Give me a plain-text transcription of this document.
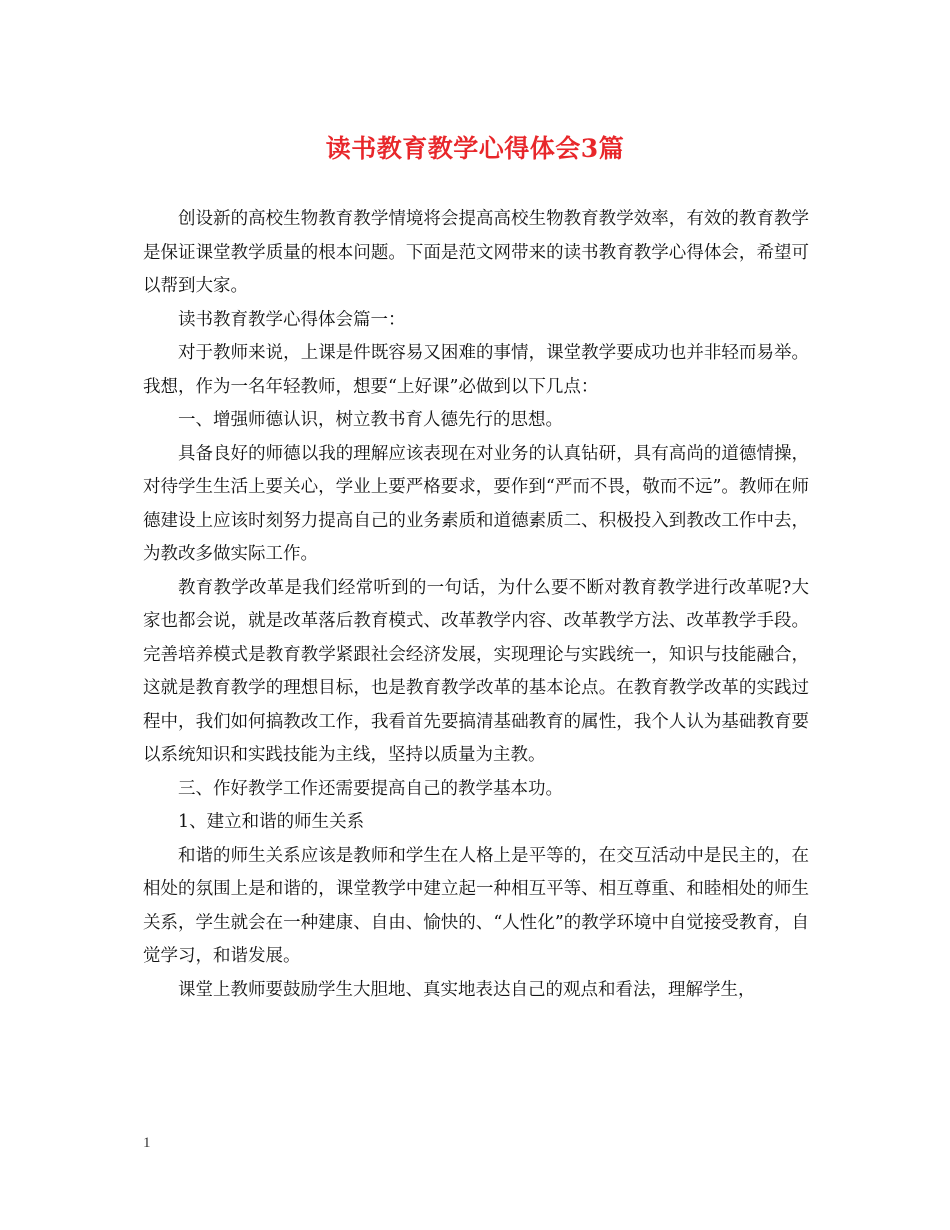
读书教育教学心得体会3篇

创设新的高校生物教育教学情境将会提高高校生物教育教学效率，有效的教育教学是保证课堂教学质量的根本问题。下面是范文网带来的读书教育教学心得体会，希望可以帮到大家。

读书教育教学心得体会篇一：

对于教师来说，上课是件既容易又困难的事情，课堂教学要成功也并非轻而易举。我想，作为一名年轻教师，想要“上好课”必做到以下几点：

一、增强师德认识，树立教书育人德先行的思想。

具备良好的师德以我的理解应该表现在对业务的认真钻研，具有高尚的道德情操，对待学生生活上要关心，学业上要严格要求，要作到“严而不畏，敬而不远”。教师在师德建设上应该时刻努力提高自己的业务素质和道德素质二、积极投入到教改工作中去，为教改多做实际工作。

教育教学改革是我们经常听到的一句话，为什么要不断对教育教学进行改革呢?大家也都会说，就是改革落后教育模式、改革教学内容、改革教学方法、改革教学手段。完善培养模式是教育教学紧跟社会经济发展，实现理论与实践统一，知识与技能融合，这就是教育教学的理想目标，也是教育教学改革的基本论点。在教育教学改革的实践过程中，我们如何搞教改工作，我看首先要搞清基础教育的属性，我个人认为基础教育要以系统知识和实践技能为主线，坚持以质量为主教。

三、作好教学工作还需要提高自己的教学基本功。

1、建立和谐的师生关系

和谐的师生关系应该是教师和学生在人格上是平等的，在交互活动中是民主的，在相处的氛围上是和谐的，课堂教学中建立起一种相互平等、相互尊重、和睦相处的师生关系，学生就会在一种建康、自由、愉快的、“人性化”的教学环境中自觉接受教育，自觉学习，和谐发展。

课堂上教师要鼓励学生大胆地、真实地表达自己的观点和看法，理解学生，

1
